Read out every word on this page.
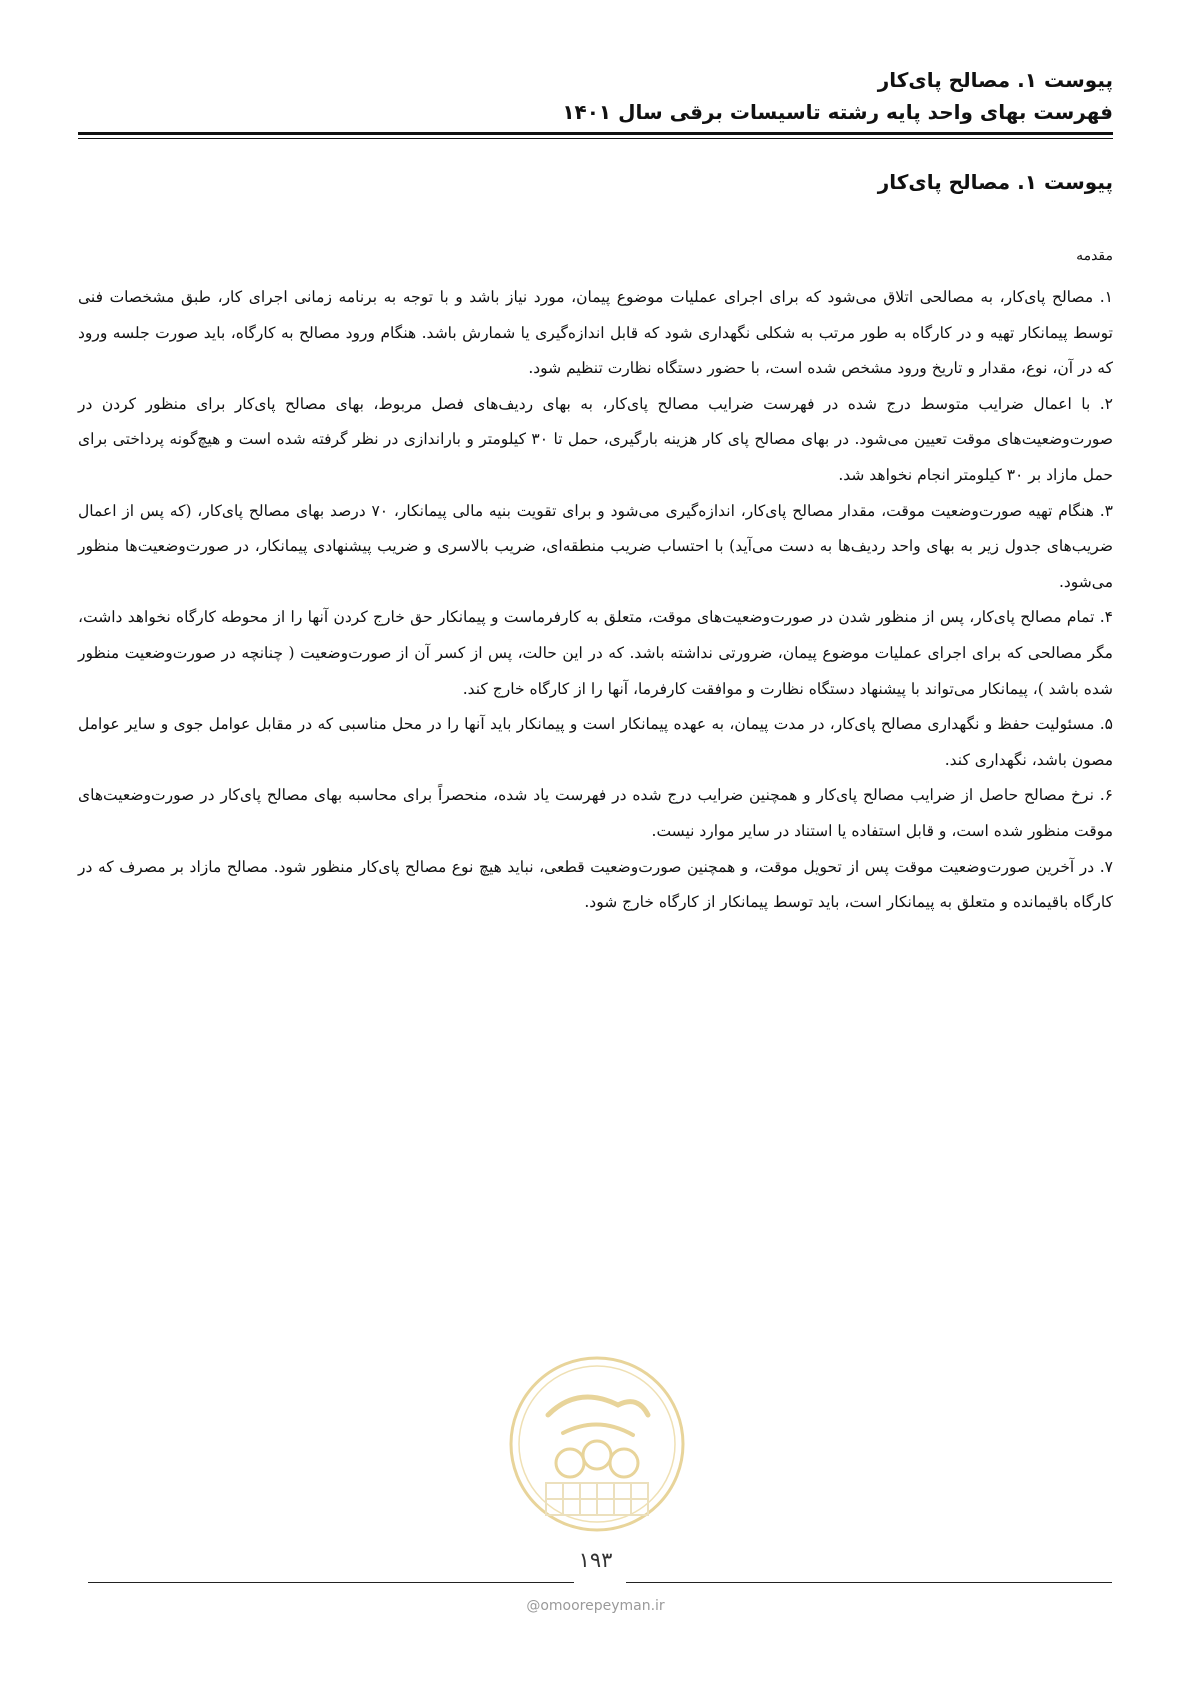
پیوست ۱. مصالح پای‌کار
فهرست بهای واحد پایه رشته تاسیسات برقی سال ۱۴۰۱
پیوست ۱. مصالح پای‌کار
مقدمه

۱. مصالح پای‌کار، به مصالحی اتلاق می‌شود که برای اجرای عملیات موضوع پیمان، مورد نیاز باشد و با توجه به برنامه زمانی اجرای کار، طبق مشخصات فنی توسط پیمانکار تهیه و در کارگاه به طور مرتب به شکلی نگهداری شود که قابل اندازه‌گیری یا شمارش باشد. هنگام ورود مصالح به کارگاه، باید صورت جلسه ورود که در آن، نوع، مقدار و تاریخ ورود مشخص شده است، با حضور دستگاه نظارت تنظیم شود.

۲. با اعمال ضرایب متوسط درج شده در فهرست ضرایب مصالح پای‌کار، به بهای ردیف‌های فصل مربوط، بهای مصالح پای‌کار برای منظور کردن در صورت‌وضعیت‌های موقت تعیین می‌شود. در بهای مصالح پای کار هزینه بارگیری، حمل تا ۳۰ کیلومتر و باراندازی در نظر گرفته شده است و هیچ‌گونه پرداختی برای حمل مازاد بر ۳۰ کیلومتر انجام نخواهد شد.

۳. هنگام تهیه صورت‌وضعیت موقت، مقدار مصالح پای‌کار، اندازه‌گیری می‌شود و برای تقویت بنیه مالی پیمانکار، ۷۰ درصد بهای مصالح پای‌کار، (که پس از اعمال ضریب‌های جدول زیر به بهای واحد ردیف‌ها به دست می‌آید) با احتساب ضریب منطقه‌ای، ضریب بالاسری و ضریب پیشنهادی پیمانکار، در صورت‌وضعیت‌ها منظور می‌شود.

۴. تمام مصالح پای‌کار، پس از منظور شدن در صورت‌وضعیت‌های موقت، متعلق به کارفرماست و پیمانکار حق خارج کردن آنها را از محوطه کارگاه نخواهد داشت، مگر مصالحی که برای اجرای عملیات موضوع پیمان، ضرورتی نداشته باشد. که در این حالت، پس از کسر آن از صورت‌وضعیت ( چنانچه در صورت‌وضعیت منظور شده باشد )، پیمانکار می‌تواند با پیشنهاد دستگاه نظارت و موافقت کارفرما، آنها را از کارگاه خارج کند.

۵. مسئولیت حفظ و نگهداری مصالح پای‌کار، در مدت پیمان، به عهده پیمانکار است و پیمانکار باید آنها را در محل مناسبی که در مقابل عوامل جوی و سایر عوامل مصون باشد، نگهداری کند.

۶. نرخ مصالح حاصل از ضرایب مصالح پای‌کار و همچنین ضرایب درج شده در فهرست یاد شده، منحصراً برای محاسبه بهای مصالح پای‌کار در صورت‌وضعیت‌های موقت منظور شده است، و قابل استفاده یا استناد در سایر موارد نیست.

۷. در آخرین صورت‌وضعیت موقت پس از تحویل موقت، و همچنین صورت‌وضعیت قطعی، نباید هیچ نوع مصالح پای‌کار منظور شود. مصالح مازاد بر مصرف که در کارگاه باقیمانده و متعلق به پیمانکار است، باید توسط پیمانکار از کارگاه خارج شود.

۱۹۳
@omoorepeyman.ir
